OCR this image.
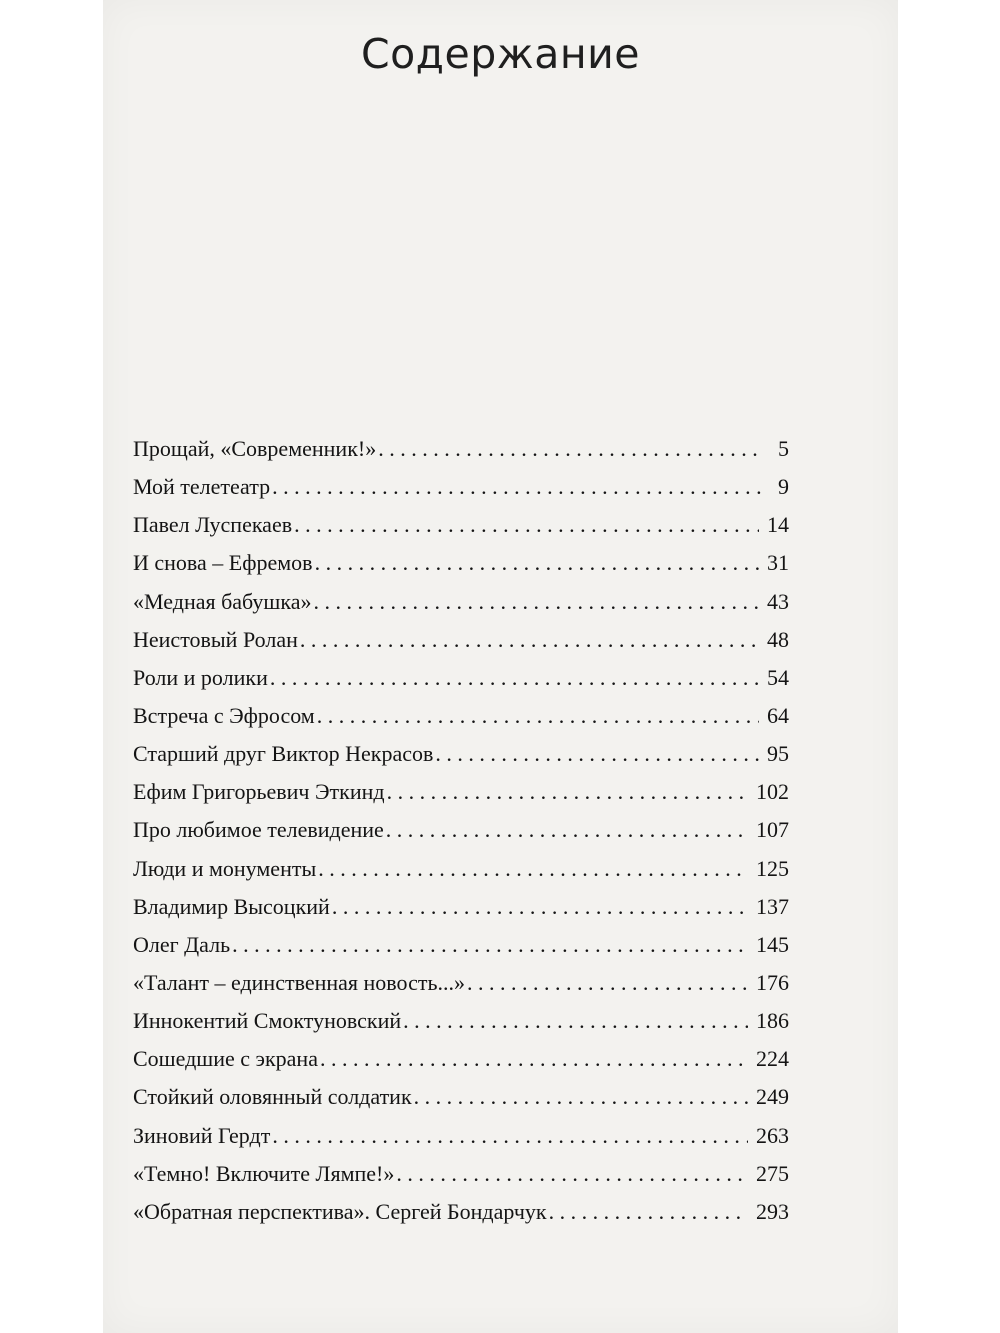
Содержание
Прощай, «Современник!» . . .	5
Мой телетеатр . . .	9
Павел Луспекаев . . .	14
И снова – Ефремов . . .	31
«Медная бабушка» . . .	43
Неистовый Ролан . . .	48
Роли и ролики . . .	54
Встреча с Эфросом . . .	64
Старший друг Виктор Некрасов . . .	95
Ефим Григорьевич Эткинд . . .	102
Про любимое телевидение . . .	107
Люди и монументы . . .	125
Владимир Высоцкий . . .	137
Олег Даль . . .	145
«Талант – единственная новость...» . . .	176
Иннокентий Смоктуновский . . .	186
Сошедшие с экрана . . .	224
Стойкий оловянный солдатик . . .	249
Зиновий Гердт . . .	263
«Темно! Включите Лямпе!» . . .	275
«Обратная перспектива». Сергей Бондарчук . . .	293
